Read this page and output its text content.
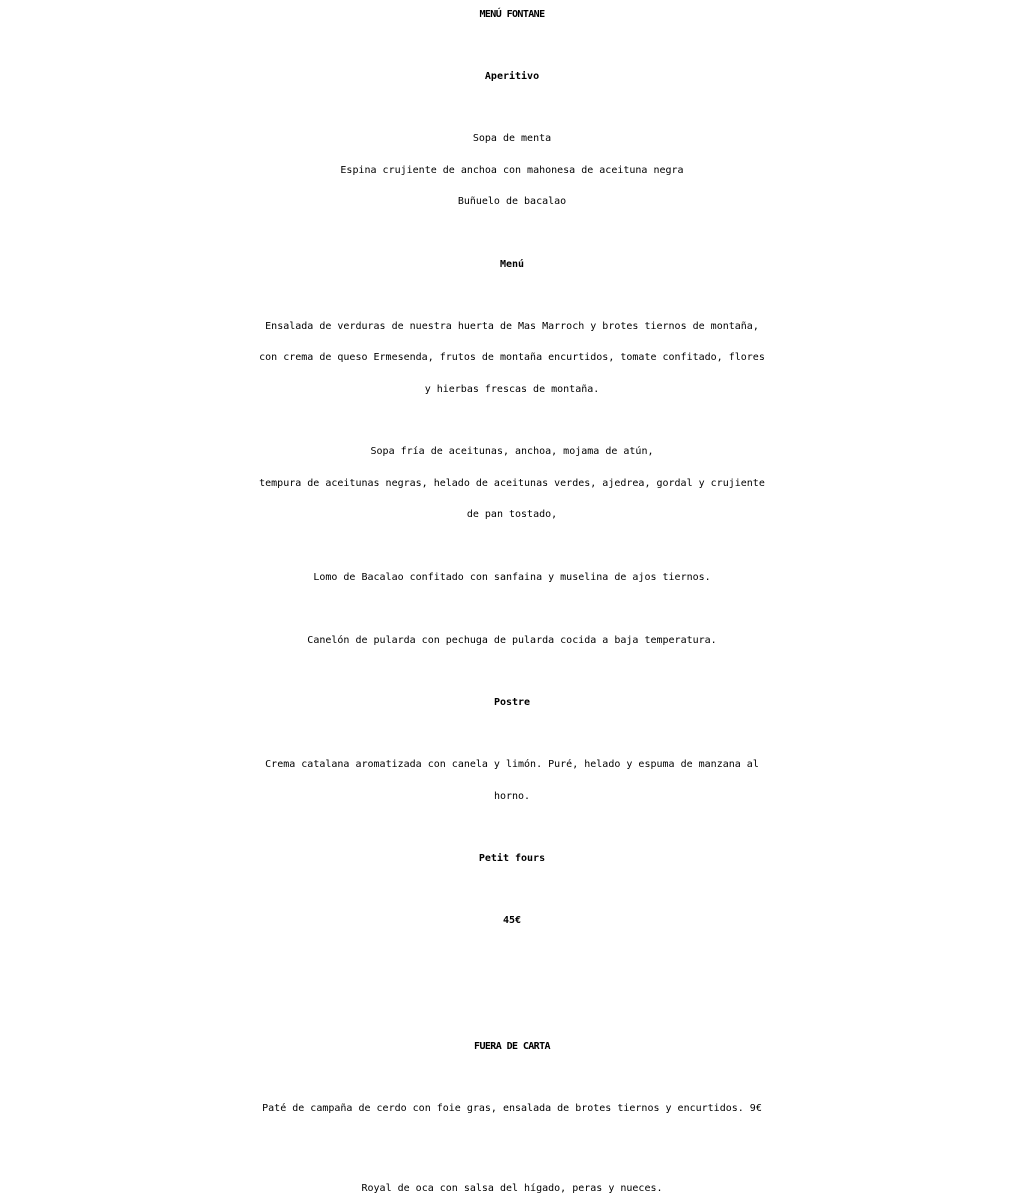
MENÚ FONTANE
Aperitivo
Sopa de menta
Espina crujiente de anchoa con mahonesa de aceituna negra
Buñuelo de bacalao
Menú
Ensalada de verduras de nuestra huerta de Mas Marroch y brotes tiernos de montaña,
con crema de queso Ermesenda, frutos de montaña encurtidos, tomate confitado, flores
y hierbas frescas de montaña.
Sopa fría de aceitunas, anchoa, mojama de atún,
tempura de aceitunas negras, helado de aceitunas verdes, ajedrea, gordal y crujiente
de pan tostado,
Lomo de Bacalao confitado con sanfaina y muselina de ajos tiernos.
Canelón de pularda con pechuga de pularda cocida a baja temperatura.
Postre
Crema catalana aromatizada con canela y limón. Puré, helado y espuma de manzana al
horno.
Petit fours
45€
FUERA DE CARTA
Paté de campaña de cerdo con foie gras, ensalada de brotes tiernos y encurtidos. 9€
Royal de oca con salsa del hígado, peras y nueces.
